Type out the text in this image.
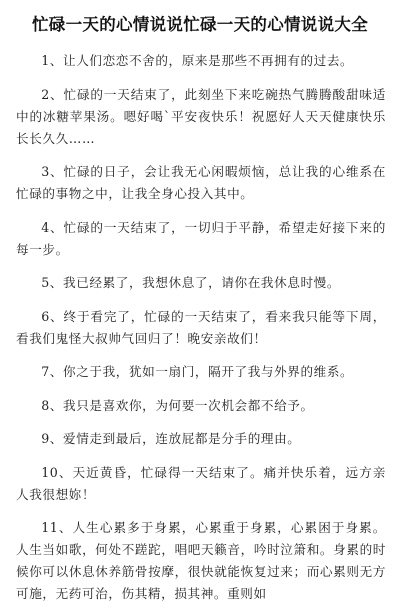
忙碌一天的心情说说忙碌一天的心情说说大全

1、让人们恋恋不舍的，原来是那些不再拥有的过去。

2、忙碌的一天结束了，此刻坐下来吃碗热气腾腾酸甜味适中的冰糖苹果汤。嗯好喝`平安夜快乐！祝愿好人天天健康快乐长长久久……

3、忙碌的日子，会让我无心闲暇烦恼，总让我的心维系在忙碌的事物之中，让我全身心投入其中。

4、忙碌的一天结束了，一切归于平静，希望走好接下来的每一步。

5、我已经累了，我想休息了，请你在我休息时慢。

6、终于看完了，忙碌的一天结束了，看来我只能等下周，看我们鬼怪大叔帅气回归了！晚安亲故们！

7、你之于我，犹如一扇门，隔开了我与外界的维系。

8、我只是喜欢你，为何要一次机会都不给予。

9、爱情走到最后，连放屁都是分手的理由。

10、天近黄昏，忙碌得一天结束了。痛并快乐着，远方亲人我很想妳！

11、人生心累多于身累，心累重于身累，心累困于身累。人生当如歌，何处不蹉跎，唱吧天籁音，吟时泣箫和。身累的时候你可以休息休养筋骨按摩，很快就能恢复过来；而心累则无方可施，无药可治，伤其精，损其神。重则如
